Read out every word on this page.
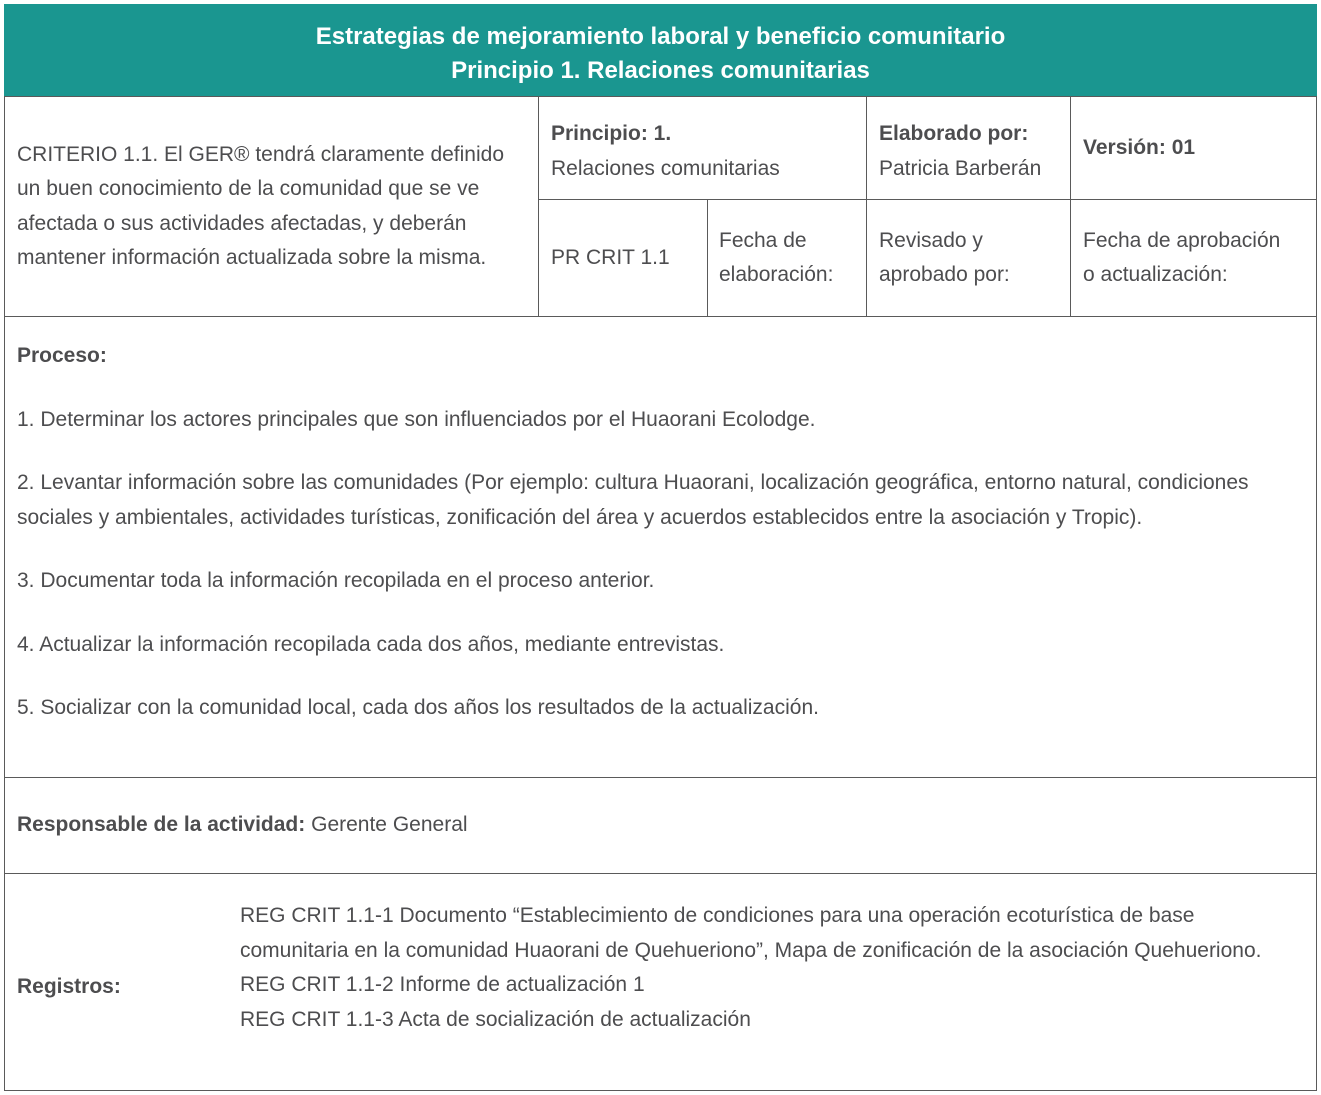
Estrategias de mejoramiento laboral y beneficio comunitario
Principio 1. Relaciones comunitarias

CRITERIO 1.1. El GER® tendrá claramente definido un buen conocimiento de la comunidad que se ve afectada o sus actividades afectadas, y deberán mantener información actualizada sobre la misma.

Principio: 1.
Relaciones comunitarias
Elaborado por:
Patricia Barberán
Versión: 01
PR CRIT 1.1
Fecha de
elaboración:
Revisado y
aprobado por:
Fecha de aprobación
o actualización:
Proceso:

1. Determinar los actores principales que son influenciados por el Huaorani Ecolodge.

2. Levantar información sobre las comunidades (Por ejemplo: cultura Huaorani, localización geográfica, entorno natural, condiciones sociales y ambientales, actividades turísticas, zonificación del área y acuerdos establecidos entre la asociación y Tropic).

3. Documentar toda la información recopilada en el proceso anterior.

4. Actualizar la información recopilada cada dos años, mediante entrevistas.

5. Socializar con la comunidad local, cada dos años los resultados de la actualización.

Responsable de la actividad: Gerente General
Registros:
REG CRIT 1.1-1 Documento “Establecimiento de condiciones para una operación ecoturística de base comunitaria en la comunidad Huaorani de Quehueriono”, Mapa de zonificación de la asociación Quehueriono.
REG CRIT 1.1-2 Informe de actualización 1
REG CRIT 1.1-3 Acta de socialización de actualización
